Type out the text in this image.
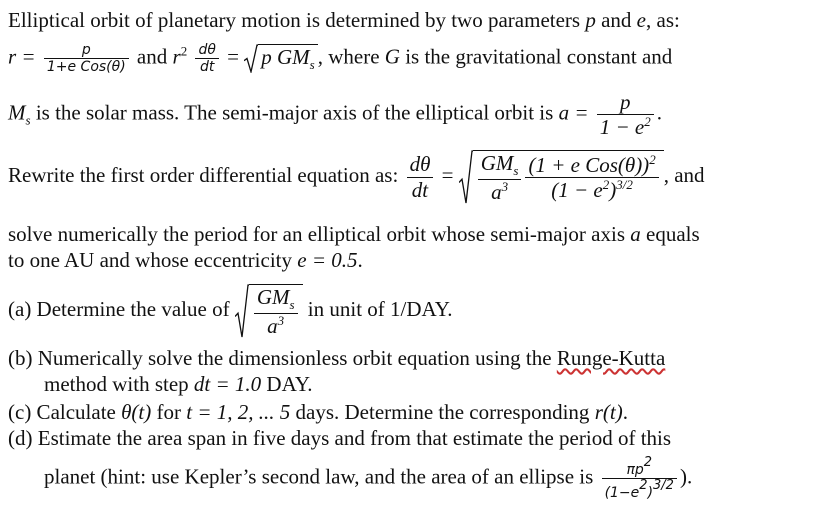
Elliptical orbit of planetary motion is determined by two parameters p and e, as:
$r = \frac{p}{\text{1+e Cos(θ)}}$ and $r^2 \frac{d\theta}{dt}$ =
p $GM_s$ , where G is the gravitational constant and
$M_s$ is the solar mass. The semi-major axis of the elliptical orbit is $a = \frac{p}{1 - e^2}$ .
Rewrite the first order differential equation as: $\frac{d\theta}{dt} = \frac{GM_s}{a^3} \frac{(1 + e Cos(\theta))^2}{(1 - e^2)^{3/2}}$ , and
solve numerically the period for an elliptical orbit whose semi-major axis a equals
to one AU and whose eccentricity e = 0.5.
(a) Determine the value of $\frac{GM_s}{a^3}$ in unit of 1/DAY.
(b) Numerically solve the dimensionless orbit equation using the Runge-Kutta
method with step dt = 1.0 DAY.
(c) Calculate θ(t) for t = 1, 2, ... 5 days. Determine the corresponding r(t).
(d) Estimate the area span in five days and from that estimate the period of this
planet (hint: use Kepler’s second law, and the area of an ellipse is $\frac{\pi p2}{(1-e2)3/2}$ ).
